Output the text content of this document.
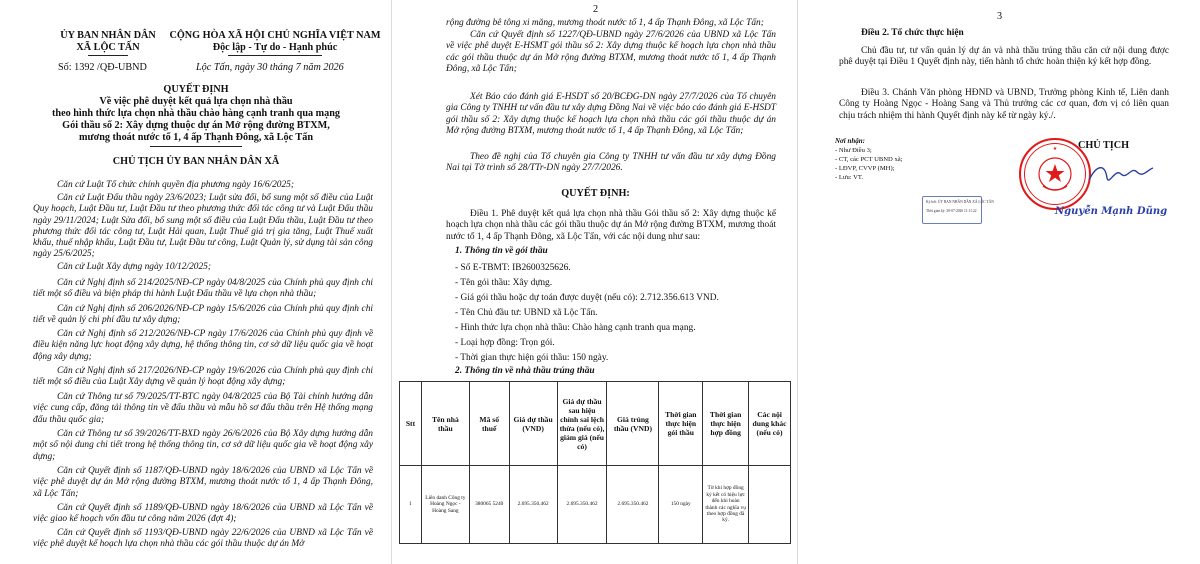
ỦY BAN NHÂN DÂN
XÃ LỘC TẤN
Số: 1392 /QĐ-UBND
CỘNG HÒA XÃ HỘI CHỦ NGHĨA VIỆT NAM
Độc lập - Tự do - Hạnh phúc
Lộc Tấn, ngày 30 tháng 7 năm 2026
QUYẾT ĐỊNH
Về việc phê duyệt kết quả lựa chọn nhà thầu
theo hình thức lựa chọn nhà thầu chào hàng cạnh tranh qua mạng
Gói thầu số 2: Xây dựng thuộc dự án Mở rộng đường BTXM,
mương thoát nước tổ 1, 4 ấp Thạnh Đông, xã Lộc Tấn
CHỦ TỊCH ỦY BAN NHÂN DÂN XÃ
Căn cứ Luật Tổ chức chính quyền địa phương ngày 16/6/2025;
Căn cứ Luật Đấu thầu ngày 23/6/2023; Luật sửa đổi, bổ sung một số điều của Luật Quy hoạch, Luật Đầu tư, Luật Đầu tư theo phương thức đối tác công tư và Luật Đấu thầu ngày 29/11/2024; Luật Sửa đổi, bổ sung một số điều của Luật Đấu thầu, Luật Đầu tư theo phương thức đối tác công tư, Luật Hải quan, Luật Thuế giá trị gia tăng, Luật Thuế xuất khẩu, thuế nhập khẩu, Luật Đầu tư, Luật Đầu tư công, Luật Quản lý, sử dụng tài sản công ngày 25/6/2025;
Căn cứ Luật Xây dựng ngày 10/12/2025;
Căn cứ Nghị định số 214/2025/NĐ-CP ngày 04/8/2025 của Chính phủ quy định chi tiết một số điều và biện pháp thi hành Luật Đấu thầu về lựa chọn nhà thầu;
Căn cứ Nghị định số 206/2026/NĐ-CP ngày 15/6/2026 của Chính phủ quy định chi tiết về quản lý chi phí đầu tư xây dựng;
Căn cứ Nghị định số 212/2026/NĐ-CP ngày 17/6/2026 của Chính phủ quy định về điều kiện năng lực hoạt động xây dựng, hệ thống thông tin, cơ sở dữ liệu quốc gia về hoạt động xây dựng;
Căn cứ Nghị định số 217/2026/NĐ-CP ngày 19/6/2026 của Chính phủ quy định chi tiết một số điều của Luật Xây dựng về quản lý hoạt động xây dựng;
Căn cứ Thông tư số 79/2025/TT-BTC ngày 04/8/2025 của Bộ Tài chính hướng dẫn việc cung cấp, đăng tải thông tin về đấu thầu và mẫu hồ sơ đấu thầu trên Hệ thống mạng đấu thầu quốc gia;
Căn cứ Thông tư số 39/2026/TT-BXD ngày 26/6/2026 của Bộ Xây dựng hướng dẫn một số nội dung chi tiết trong hệ thống thông tin, cơ sở dữ liệu quốc gia về hoạt động xây dựng;
Căn cứ Quyết định số 1187/QĐ-UBND ngày 18/6/2026 của UBND xã Lộc Tấn về việc phê duyệt dự án Mở rộng đường BTXM, mương thoát nước tổ 1, 4 ấp Thạnh Đông, xã Lộc Tấn;
Căn cứ Quyết định số 1189/QĐ-UBND ngày 18/6/2026 của UBND xã Lộc Tấn về việc giao kế hoạch vốn đầu tư công năm 2026 (đợt 4);
Căn cứ Quyết định số 1193/QĐ-UBND ngày 22/6/2026 của UBND xã Lộc Tấn về việc phê duyệt kế hoạch lựa chọn nhà thầu các gói thầu thuộc dự án Mở
2
rộng đường bê tông xi măng, mương thoát nước tổ 1, 4 ấp Thạnh Đông, xã Lộc Tấn;
Căn cứ Quyết định số 1227/QĐ-UBND ngày 27/6/2026 của UBND xã Lộc Tấn về việc phê duyệt E-HSMT gói thầu số 2: Xây dựng thuộc kế hoạch lựa chọn nhà thầu các gói thầu thuộc dự án Mở rộng đường BTXM, mương thoát nước tổ 1, 4 ấp Thạnh Đông, xã Lộc Tấn;
Xét Báo cáo đánh giá E-HSDT số 20/BCĐG-DN ngày 27/7/2026 của Tổ chuyên gia Công ty TNHH tư vấn đầu tư xây dựng Đồng Nai về việc báo cáo đánh giá E-HSDT gói thầu số 2: Xây dựng thuộc kế hoạch lựa chọn nhà thầu các gói thầu thuộc dự án Mở rộng đường BTXM, mương thoát nước tổ 1, 4 ấp Thạnh Đông, xã Lộc Tấn;
Theo đề nghị của Tổ chuyên gia Công ty TNHH tư vấn đầu tư xây dựng Đồng Nai tại Tờ trình số 28/TTr-DN ngày 27/7/2026.
QUYẾT ĐỊNH:
Điều 1. Phê duyệt kết quả lựa chọn nhà thầu Gói thầu số 2: Xây dựng thuộc kế hoạch lựa chọn nhà thầu các gói thầu thuộc dự án Mở rộng đường BTXM, mương thoát nước tổ 1, 4 ấp Thạnh Đông, xã Lộc Tấn, với các nội dung như sau:
1. Thông tin về gói thầu
- Số E-TBMT: IB2600325626.
- Tên gói thầu: Xây dựng.
- Giá gói thầu hoặc dự toán được duyệt (nếu có): 2.712.356.613 VND.
- Tên Chủ đầu tư: UBND xã Lộc Tấn.
- Hình thức lựa chọn nhà thầu: Chào hàng cạnh tranh qua mạng.
- Loại hợp đồng: Trọn gói.
- Thời gian thực hiện gói thầu: 150 ngày.
2. Thông tin về nhà thầu trúng thầu
Stt	Tên nhà thầu	Mã số thuế	Giá dự thầu (VND)	Giá dự thầu sau hiệu chỉnh sai lệch thừa (nếu có), giảm giá (nếu có)	Giá trúng thầu (VND)	Thời gian thực hiện gói thầu	Thời gian thực hiện hợp đồng	Các nội dung khác (nếu có)
1	Liên danh Công ty Hoàng Ngọc - Hoàng Sang	380065 5240	2.695.350.462	2.695.350.462	2.695.350.462	150 ngày	Từ khi hợp đồng ký kết có hiệu lực đến khi hoàn thành các nghĩa vụ theo hợp đồng đã ký.	
3
Điều 2. Tổ chức thực hiện
Chủ đầu tư, tư vấn quản lý dự án và nhà thầu trúng thầu căn cứ nội dung được phê duyệt tại Điều 1 Quyết định này, tiến hành tổ chức hoàn thiện ký kết hợp đồng.
Điều 3. Chánh Văn phòng HĐND và UBND, Trưởng phòng Kinh tế, Liên danh Công ty Hoàng Ngọc - Hoàng Sang và Thủ trưởng các cơ quan, đơn vị có liên quan chịu trách nhiệm thi hành Quyết định này kể từ ngày ký./.
Nơi nhận:
- Như Điều 3;
- CT, các PCT UBND xã;
- LĐVP, CVVP (MH);
- Lưu: VT.
Ký bởi: ỦY BAN NHÂN DÂN XÃ LỘC TẤN
Thời gian ký: 30-07-2026 11:11:22
CHỦ TỊCH
★
Nguyễn Mạnh Dũng
